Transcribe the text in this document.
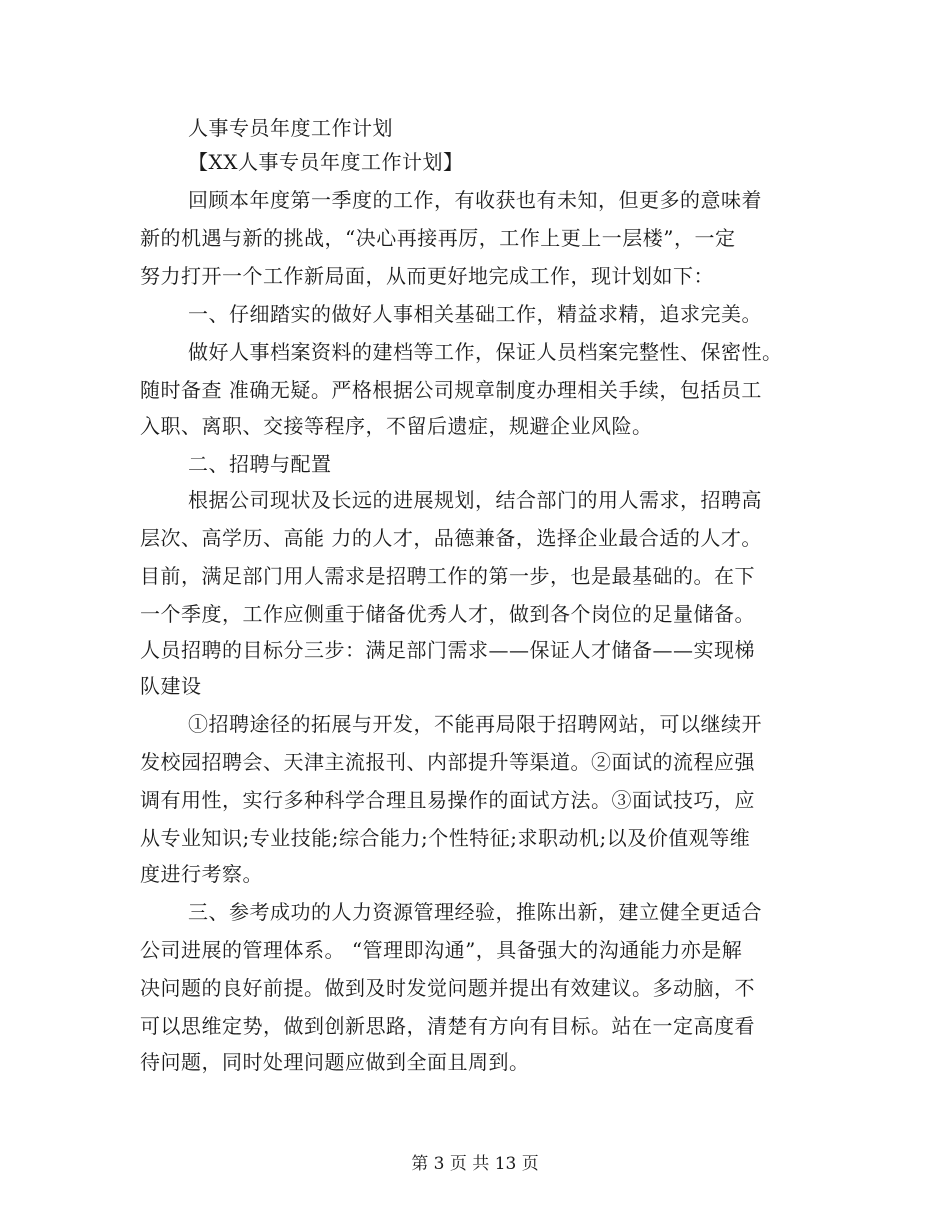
人事专员年度工作计划
【XX人事专员年度工作计划】
回顾本年度第一季度的工作，有收获也有未知，但更多的意味着
新的机遇与新的挑战，“决心再接再厉，工作上更上一层楼”，一定
努力打开一个工作新局面，从而更好地完成工作，现计划如下：
一、仔细踏实的做好人事相关基础工作，精益求精，追求完美。
做好人事档案资料的建档等工作，保证人员档案完整性、保密性。
随时备查 准确无疑。严格根据公司规章制度办理相关手续，包括员工
入职、离职、交接等程序，不留后遗症，规避企业风险。
二、招聘与配置
根据公司现状及长远的进展规划，结合部门的用人需求，招聘高
层次、高学历、高能 力的人才，品德兼备，选择企业最合适的人才。
目前，满足部门用人需求是招聘工作的第一步，也是最基础的。在下
一个季度，工作应侧重于储备优秀人才，做到各个岗位的足量储备。
人员招聘的目标分三步：满足部门需求——保证人才储备——实现梯
队建设
①招聘途径的拓展与开发，不能再局限于招聘网站，可以继续开
发校园招聘会、天津主流报刊、内部提升等渠道。②面试的流程应强
调有用性，实行多种科学合理且易操作的面试方法。③面试技巧，应
从专业知识;专业技能;综合能力;个性特征;求职动机;以及价值观等维
度进行考察。
三、参考成功的人力资源管理经验，推陈出新，建立健全更适合
公司进展的管理体系。 “管理即沟通”，具备强大的沟通能力亦是解
决问题的良好前提。做到及时发觉问题并提出有效建议。多动脑，不
可以思维定势，做到创新思路，清楚有方向有目标。站在一定高度看
待问题，同时处理问题应做到全面且周到。
第 3 页 共 13 页
